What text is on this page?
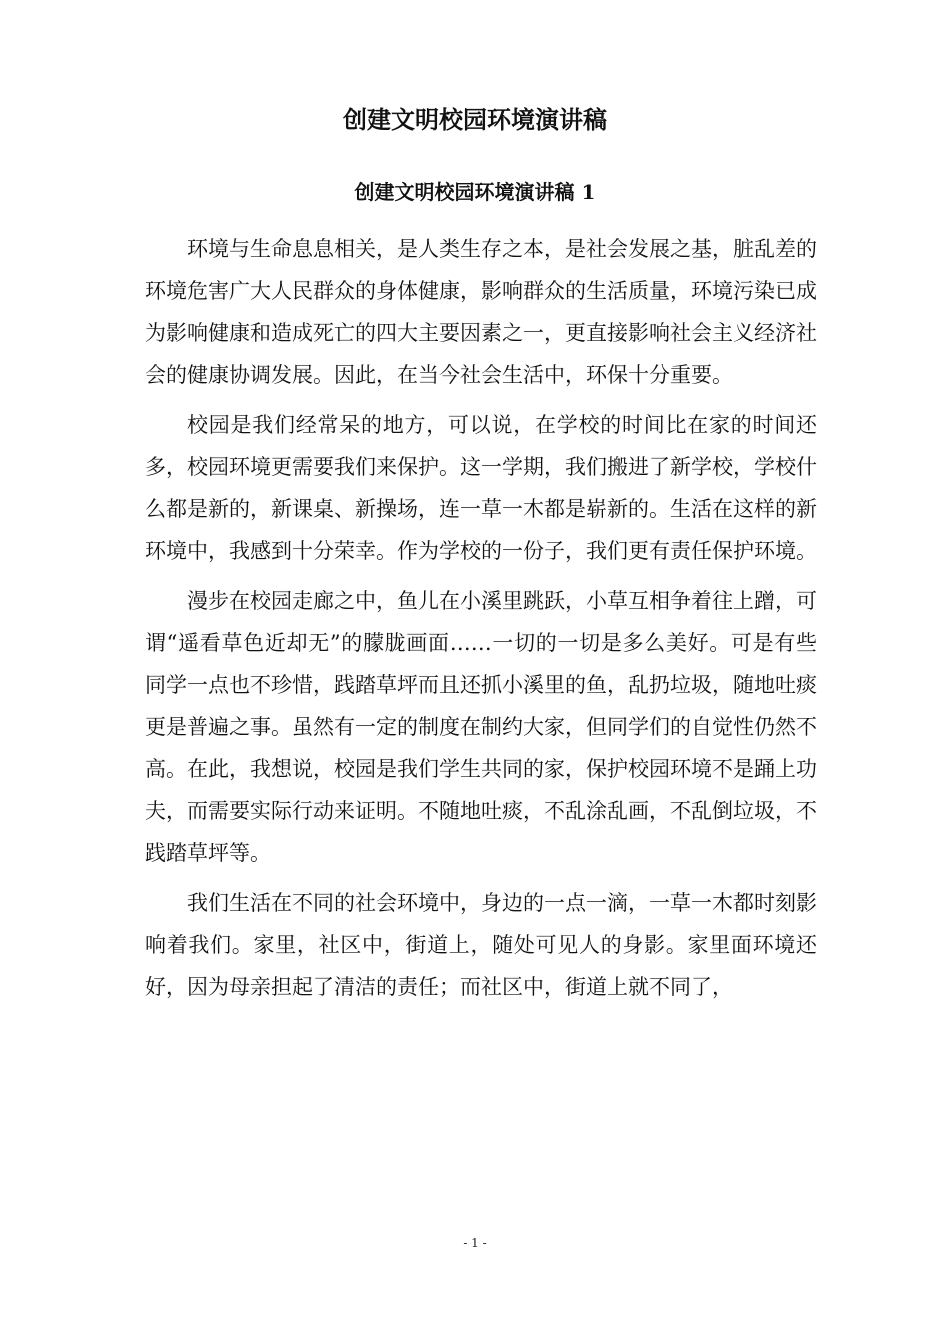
创建文明校园环境演讲稿
创建文明校园环境演讲稿 1

环境与生命息息相关，是人类生存之本，是社会发展之基，脏乱差的环境危害广大人民群众的身体健康，影响群众的生活质量，环境污染已成为影响健康和造成死亡的四大主要因素之一，更直接影响社会主义经济社会的健康协调发展。因此，在当今社会生活中，环保十分重要。

校园是我们经常呆的地方，可以说，在学校的时间比在家的时间还多，校园环境更需要我们来保护。这一学期，我们搬进了新学校，学校什么都是新的，新课桌、新操场，连一草一木都是崭新的。生活在这样的新环境中，我感到十分荣幸。作为学校的一份子，我们更有责任保护环境。

漫步在校园走廊之中，鱼儿在小溪里跳跃，小草互相争着往上蹭，可谓“遥看草色近却无”的朦胧画面……一切的一切是多么美好。可是有些同学一点也不珍惜，践踏草坪而且还抓小溪里的鱼，乱扔垃圾，随地吐痰更是普遍之事。虽然有一定的制度在制约大家，但同学们的自觉性仍然不高。在此，我想说，校园是我们学生共同的家，保护校园环境不是踊上功夫，而需要实际行动来证明。不随地吐痰，不乱涂乱画，不乱倒垃圾，不践踏草坪等。

我们生活在不同的社会环境中，身边的一点一滴，一草一木都时刻影响着我们。家里，社区中，街道上，随处可见人的身影。家里面环境还好，因为母亲担起了清洁的责任；而社区中，街道上就不同了，

- 1 -
